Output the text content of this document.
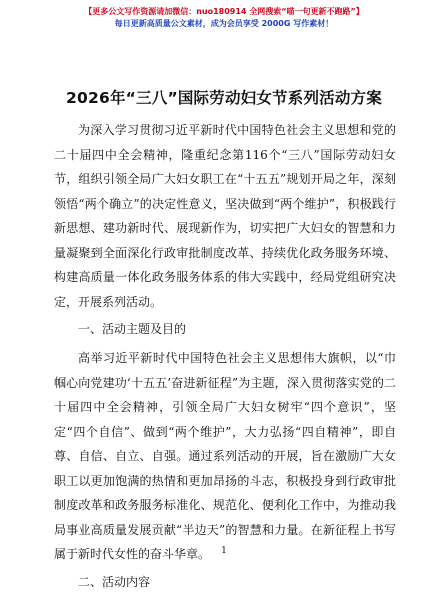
【更多公文写作资源请加微信：nuo180914 全网搜索“喵一句更新不跑路”】
每日更新高质量公文素材，成为会员享受 2000G 写作素材！
2026年“三八”国际劳动妇女节系列活动方案

为深入学习贯彻习近平新时代中国特色社会主义思想和党的二十届四中全会精神，隆重纪念第116个“三八”国际劳动妇女节，组织引领全局广大妇女职工在“十五五”规划开局之年，深刻领悟“两个确立”的决定性意义，坚决做到“两个维护”，积极践行新思想、建功新时代、展现新作为，切实把广大妇女的智慧和力量凝聚到全面深化行政审批制度改革、持续优化政务服务环境、构建高质量一体化政务服务体系的伟大实践中，经局党组研究决定，开展系列活动。

一、活动主题及目的

高举习近平新时代中国特色社会主义思想伟大旗帜，以“巾帼心向党建功‘十五五’奋进新征程”为主题，深入贯彻落实党的二十届四中全会精神，引领全局广大妇女树牢“四个意识”，坚定“四个自信”、做到“两个维护”，大力弘扬“四自精神”，即自尊、自信、自立、自强。通过系列活动的开展，旨在激励广大女职工以更加饱满的热情和更加昂扬的斗志，积极投身到行政审批制度改革和政务服务标准化、规范化、便利化工作中，为推动我局事业高质量发展贡献“半边天”的智慧和力量。在新征程上书写属于新时代女性的奋斗华章。

二、活动内容
1
